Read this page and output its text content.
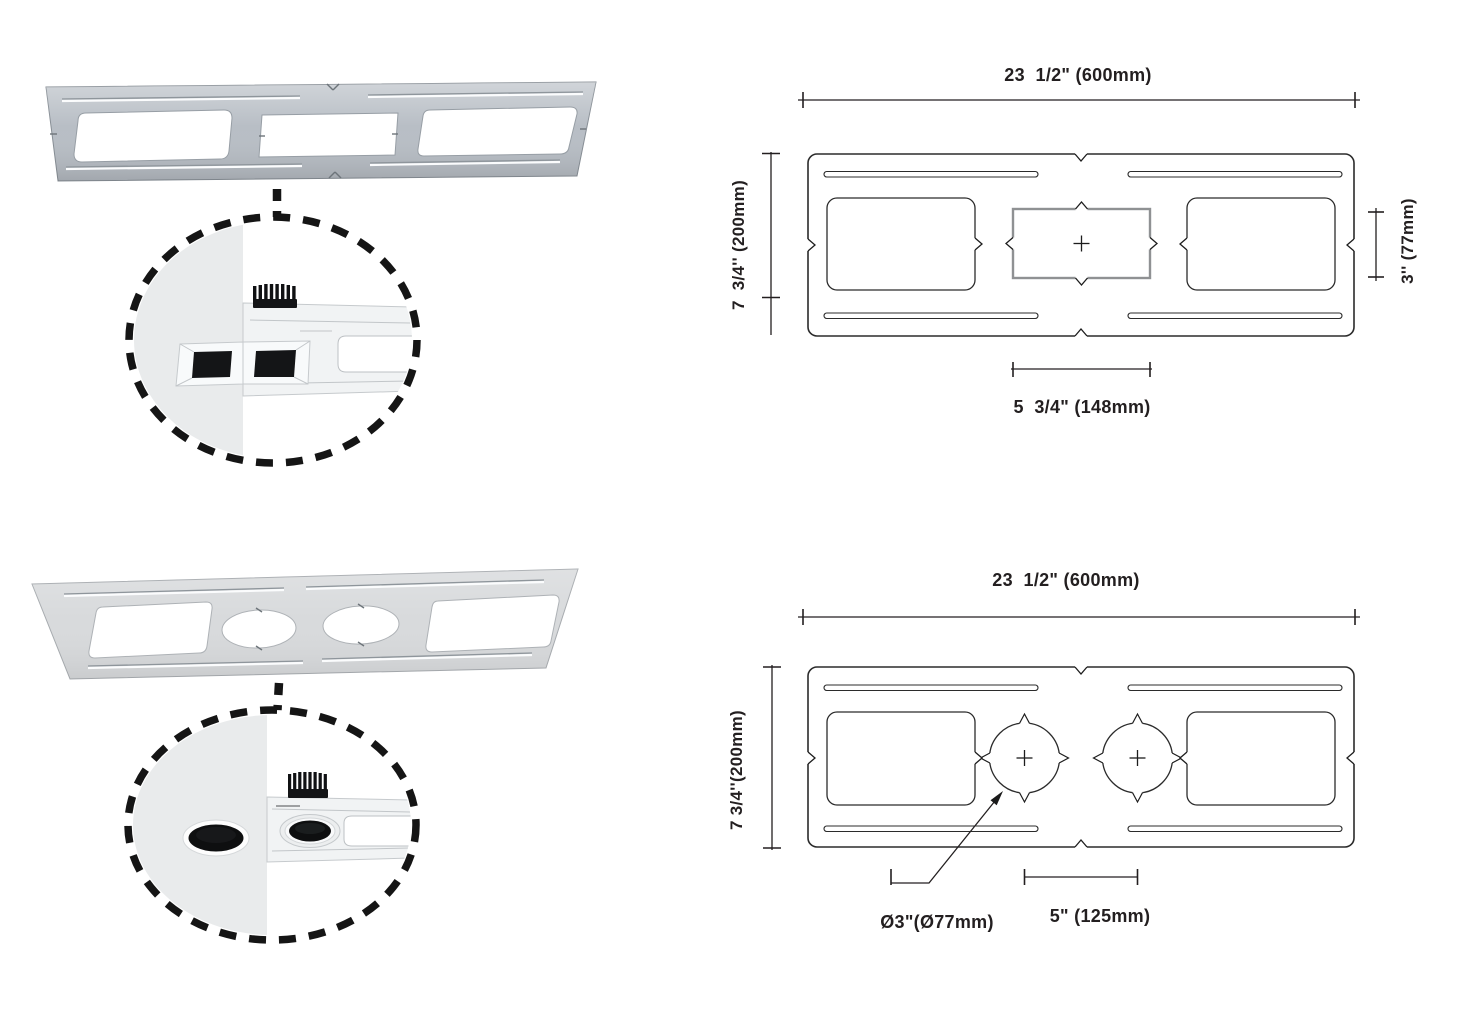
23  1/2" (600mm)
7  3/4'' (200mm)	3'' (77mm)
5  3/4" (148mm)
23  1/2" (600mm)
7 3/4''(200mm)
5" (125mm)
Ø3"(Ø77mm)
